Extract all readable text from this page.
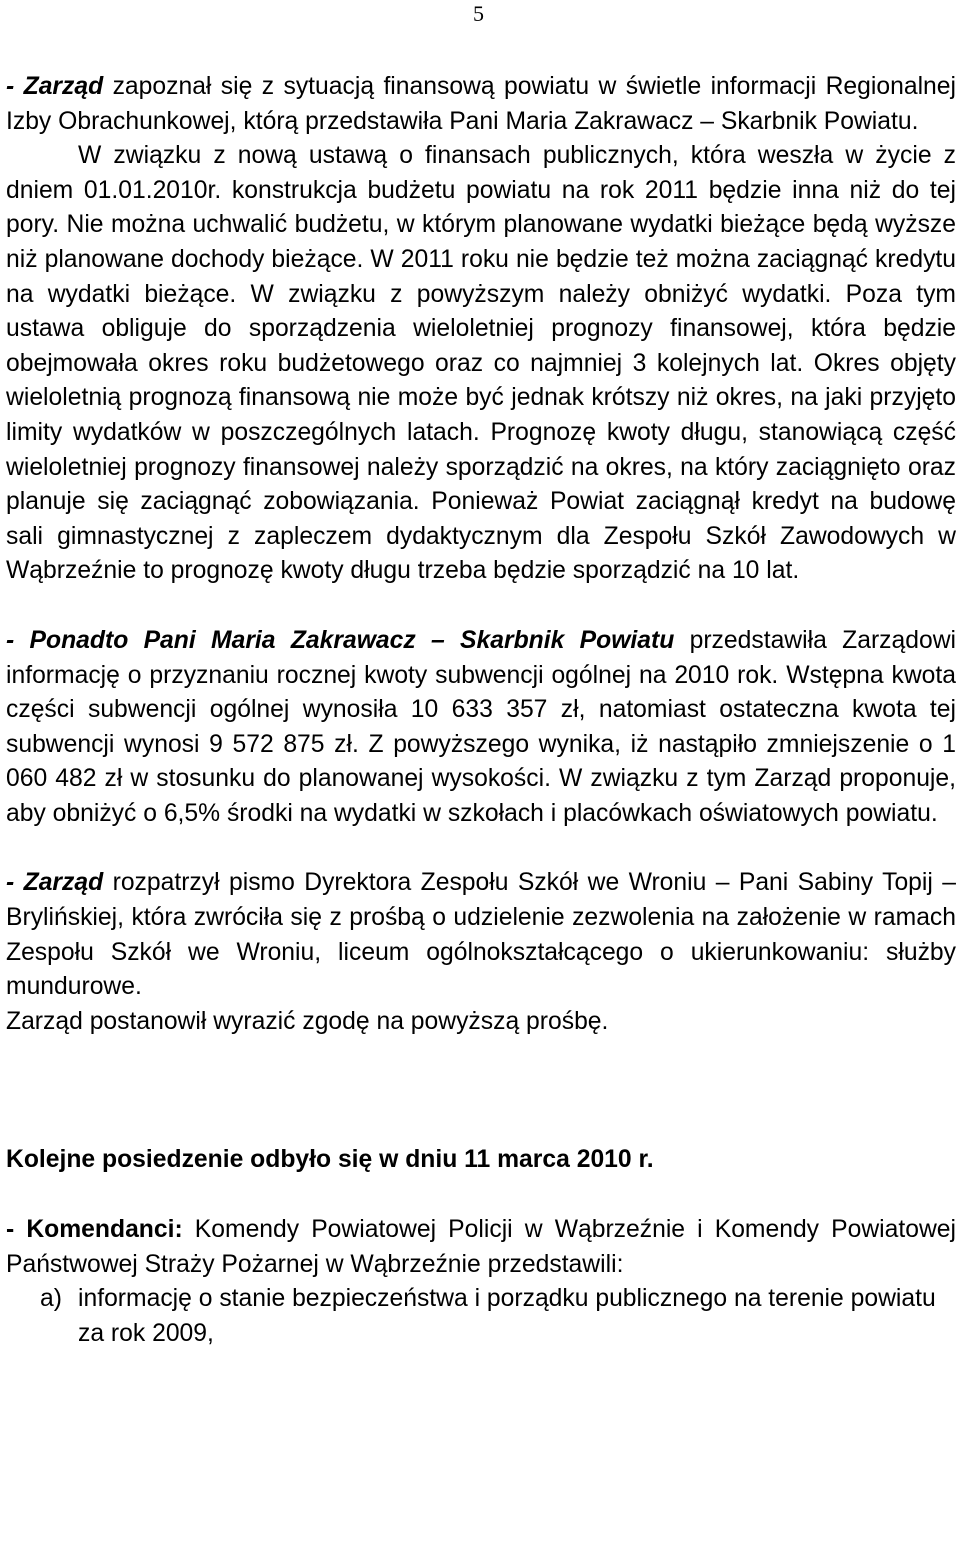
5

- Zarząd zapoznał się z sytuacją finansową powiatu w świetle informacji Regionalnej Izby Obrachunkowej, którą przedstawiła Pani Maria Zakrawacz – Skarbnik Powiatu.

W związku z nową ustawą o finansach publicznych, która weszła w życie z dniem 01.01.2010r. konstrukcja budżetu powiatu na rok 2011 będzie inna niż do tej pory. Nie można uchwalić budżetu, w którym planowane wydatki bieżące będą wyższe niż planowane dochody bieżące. W 2011 roku nie będzie też można zaciągnąć kredytu na wydatki bieżące. W związku z powyższym należy obniżyć wydatki. Poza tym ustawa obliguje do sporządzenia wieloletniej prognozy finansowej, która będzie obejmowała okres roku budżetowego oraz co najmniej 3 kolejnych lat. Okres objęty wieloletnią prognozą finansową nie może być jednak krótszy niż okres, na jaki przyjęto limity wydatków w poszczególnych latach. Prognozę kwoty długu, stanowiącą część wieloletniej prognozy finansowej należy sporządzić na okres, na który zaciągnięto oraz planuje się zaciągnąć zobowiązania. Ponieważ Powiat zaciągnął kredyt na budowę sali gimnastycznej z zapleczem dydaktycznym dla Zespołu Szkół Zawodowych w Wąbrzeźnie to prognozę kwoty długu trzeba będzie sporządzić na 10 lat.

- Ponadto Pani Maria Zakrawacz – Skarbnik Powiatu przedstawiła Zarządowi informację o przyznaniu rocznej kwoty subwencji ogólnej na 2010 rok. Wstępna kwota części subwencji ogólnej wynosiła 10 633 357 zł, natomiast ostateczna kwota tej subwencji wynosi 9 572 875 zł. Z powyższego wynika, iż nastąpiło zmniejszenie o 1 060 482 zł w stosunku do planowanej wysokości. W związku z tym Zarząd proponuje, aby obniżyć o 6,5% środki na wydatki w szkołach i placówkach oświatowych powiatu.

- Zarząd rozpatrzył pismo Dyrektora Zespołu Szkół we Wroniu – Pani Sabiny Topij – Brylińskiej, która zwróciła się z prośbą o udzielenie zezwolenia na założenie w ramach Zespołu Szkół we Wroniu, liceum ogólnokształcącego o ukierunkowaniu: służby mundurowe.

Zarząd postanowił wyrazić zgodę na powyższą prośbę.

Kolejne posiedzenie odbyło się w dniu 11 marca 2010 r.

- Komendanci: Komendy Powiatowej Policji w Wąbrzeźnie i Komendy Powiatowej Państwowej Straży Pożarnej w Wąbrzeźnie przedstawili:

a) informację o stanie bezpieczeństwa i porządku publicznego na terenie powiatu za rok 2009,
